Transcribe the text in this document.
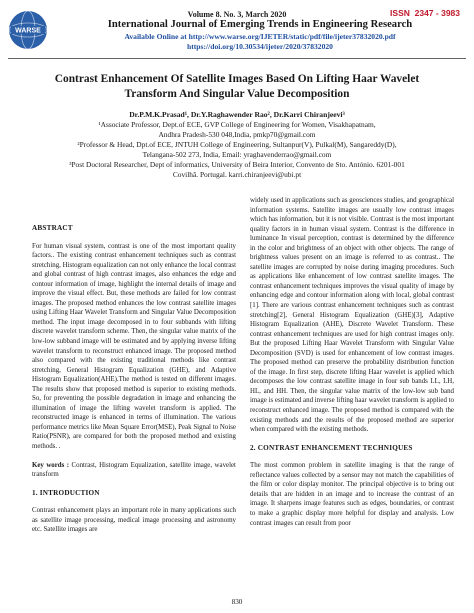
WARSE
ISSN 2347 - 3983
Volume 8. No. 3, March 2020
International Journal of Emerging Trends in Engineering Research
Available Online at http://www.warse.org/IJETER/static/pdf/file/ijeter37832020.pdf
https://doi.org/10.30534/ijeter/2020/37832020
Contrast Enhancement Of Satellite Images Based On Lifting Haar Wavelet
Transform And Singular Value Decomposition
Dr.P.M.K.Prasad¹, Dr.Y.Raghawender Rao², Dr.Karri Chiranjeevi³
¹Associate Professor, Dept.of ECE, GVP College of Engineering for Women, Visakhapatnam,
Andhra Pradesh-530 048,India, pmkp70@gmail.com
²Professor & Head, Dpt.of ECE, JNTUH College of Engineering, Sultanpur(V), Pulkal(M), Sangareddy(D),
Telangana-502 273, India, Email: yraghavenderrao@gmail.com
³Post Doctoral Researcher, Dept of informatics, University of Beira Interior, Convento de Sto. António. 6201-001
Covilhã. Portugal. karri.chiranjeevi@ubi.pt
ABSTRACT
For human visual system, contrast is one of the most important quality factors.. The existing contrast enhancement techniques such as contrast stretching, Histogram equalization can not only enhance the local contrast and global contrast of high contrast images, also enhances the edge and contour information of image, highlight the internal details of image and improve the visual effect. But, these methods are failed for low contrast images. The proposed method enhances the low contrast satellite images using Lifting Haar Wavelet Transform and Singular Value Decomposition method. The input image decomposed in to four subbands with lifting discrete wavelet transform scheme. Then, the singular value matrix of the low-low subband image will be estimated and by applying inverse lifting wavelet transform to reconstruct enhanced image. The proposed method also compared with the existing traditional methods like contrast stretching, General Histogram Equalization (GHE), and Adaptive Histogram Equalization(AHE).The method is tested on different images. The results show that proposed method is superior to existing methods. So, for preventing the possible degradation in image and enhancing the illumination of image the lifting wavelet transform is applied. The reconstructed image is enhanced in terms of illumination. The various performance metrics like Mean Square Error(MSE), Peak Signal to Noise Ratio(PSNR), are compared for both the proposed method and existing methods. .
Key words : Contrast, Histogram Equalization, satellite image, wavelet transform
1. INTRODUCTION
Contrast enhancement plays an important role in many applications such as satellite image processing, medical image processing and astronomy etc. Satellite images are
widely used in applications such as geosciences studies, and geographical information systems. Satellite images are usually low contrast images which has information, but it is not visible. Contrast is the most important quality factors in in human visual system. Contrast is the difference in luminance In visual perception, contrast is determined by the difference in the color and brightness of an object with other objects. The range of brightness values present on an image is referred to as contrast.. The satellite images are corrupted by noise during imaging procedures. Such as applications like enhancement of low contrast satellite images. The contrast enhancement techniques improves the visual quality of image by enhancing edge and contour information along with local, global contrast [1]. There are various contrast enhancement techniques such as contrast stretching[2], General Histogram Equalization (GHE)[3], Adaptive Histogram Equalization (AHE), Discrete Wavelet Transform. These contrast enhancement techniques are used for high contrast images only. But the proposed Lifting Haar Wavelet Transform with Singular Value Decomposition (SVD) is used for enhancement of low contrast images. The proposed method can preserve the probability distribution function of the image. In first step, discrete lifting Haar wavelet is applied which decomposes the low contrast satellite image in four sub bands LL, LH, HL, and HH. Then, the singular value matrix of the low-low sub band image is estimated and inverse lifting haar wavelet transform is applied to reconstruct enhanced image. The proposed method is compared with the existing methods and the results of the proposed method are superior when compared with the existing methods.
2. CONTRAST ENHANCEMENT TECHNIQUES
The most common problem in satellite imaging is that the range of reflectance values collected by a sensor may not match the capabilities of the film or color display monitor. The principal objective is to bring out details that are hidden in an image and to increase the contrast of an image. It sharpens image features such as edges, boundaries, or contrast to make a graphic display more helpful for display and analysis. Low contrast images can result from poor
830
